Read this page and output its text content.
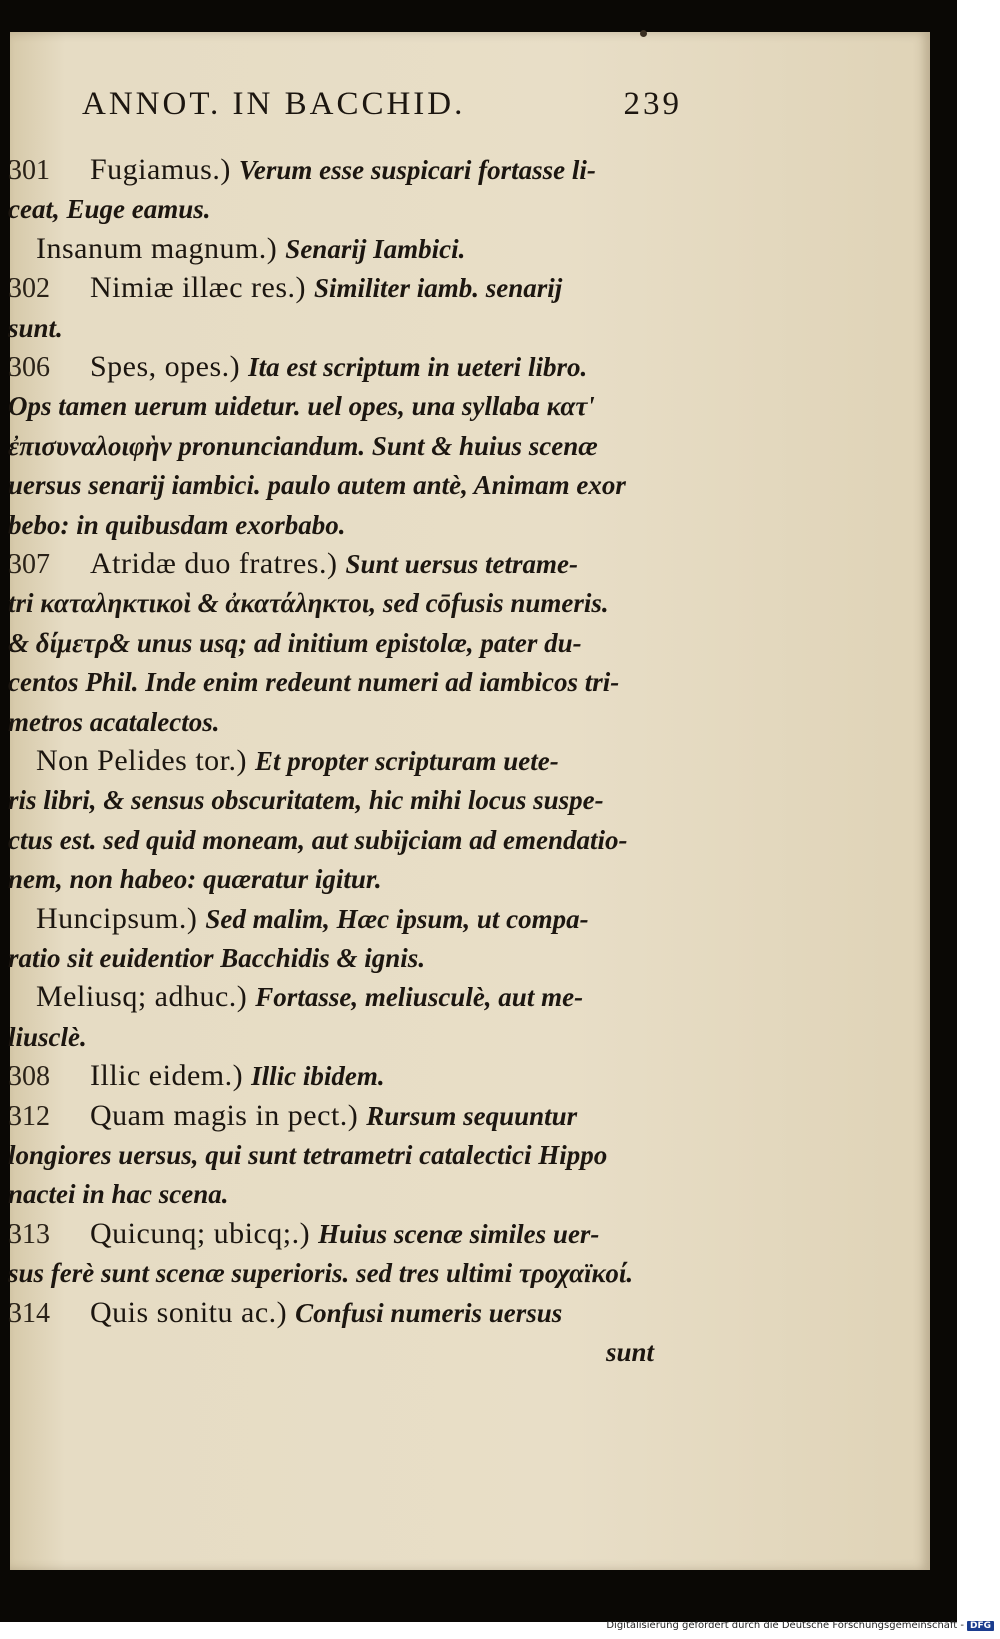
ANNOT. IN BACCHID.	239
301 Fugiamus.) Verum esse suspicari fortasse li-
ceat, Euge eamus.
Insanum magnum.) Senarij Iambici.
302 Nimiæ illæc res.) Similiter iamb. senarij
sunt.
306 Spes, opes.) Ita est scriptum in ueteri libro.
Ops tamen uerum uidetur. uel opes, una syllaba κατ'
ἐπισυναλοιφὴν pronunciandum. Sunt & huius scenæ
uersus senarij iambici. paulo autem antè, Animam exor
bebo: in quibusdam exorbabo.
307 Atridæ duo fratres.) Sunt uersus tetrame-
tri καταληκτικοὶ & ἀκατάληκτοι, sed cōfusis numeris.
& δίμετρ& unus usq; ad initium epistolæ, pater du-
centos Phil. Inde enim redeunt numeri ad iambicos tri-
metros acatalectos.
Non Pelides tor.) Et propter scripturam uete-
ris libri, & sensus obscuritatem, hic mihi locus suspe-
ctus est. sed quid moneam, aut subijciam ad emendatio-
nem, non habeo: quæratur igitur.
Huncipsum.) Sed malim, Hæc ipsum, ut compa-
ratio sit euidentior Bacchidis & ignis.
Meliusq; adhuc.) Fortasse, meliusculè, aut me-
liusclè.
308 Illic eidem.) Illic ibidem.
312 Quam magis in pect.) Rursum sequuntur
longiores uersus, qui sunt tetrametri catalectici Hippo
nactei in hac scena.
313 Quicunq; ubicq;.) Huius scenæ similes uer-
sus ferè sunt scenæ superioris. sed tres ultimi τροχαϊκοί.
314 Quis sonitu ac.) Confusi numeris uersus
sunt
Digitalisierung gefördert durch die Deutsche Forschungsgemeinschaft - DFG
